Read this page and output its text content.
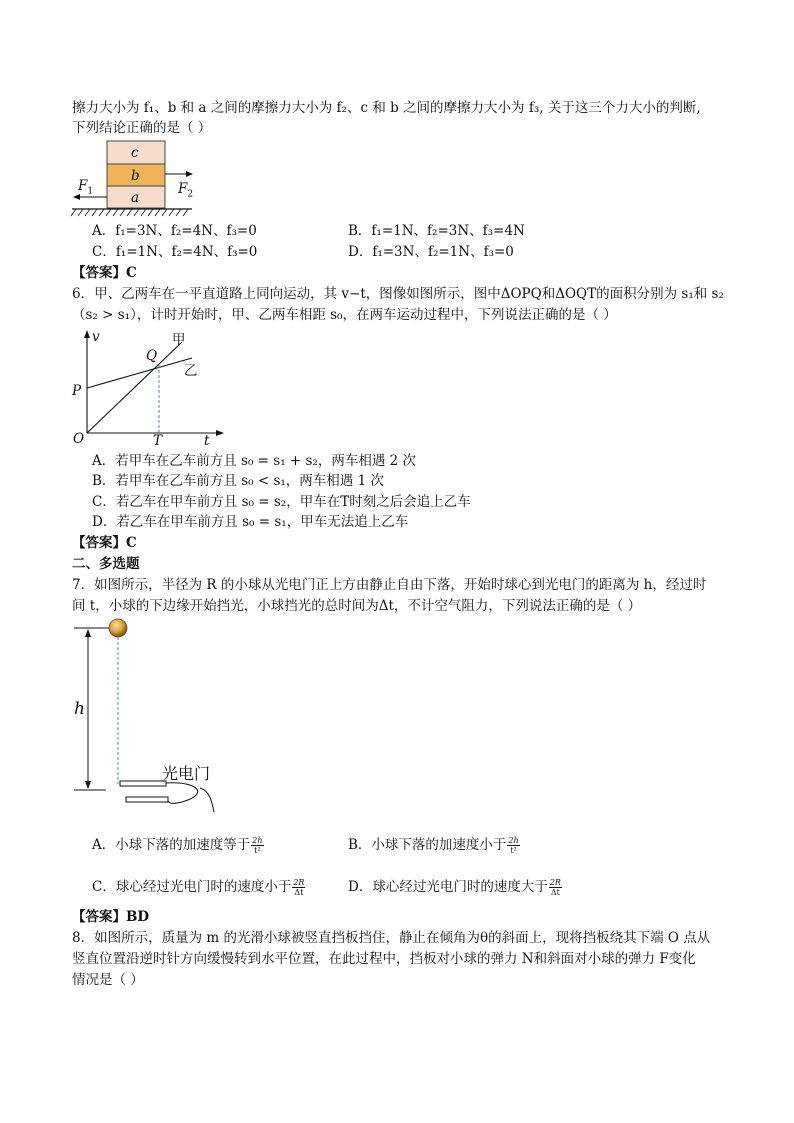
擦力大小为 f₁、b 和 a 之间的摩擦力大小为 f₂、c 和 b 之间的摩擦力大小为 f₃, 关于这三个力大小的判断,
下列结论正确的是（ ）
c
b
a
$F_1$	$F_2$
A．f₁=3N、f₂=4N、f₃=0	B．f₁=1N、f₂=3N、f₃=4N
C．f₁=1N、f₂=4N、f₃=0	D．f₁=3N、f₂=1N、f₃=0
【答案】C
6．甲、乙两车在一平直道路上同向运动，其 v−t，图像如图所示，图中ΔOPQ和ΔOQT的面积分别为 s₁和 s₂
（s₂ > s₁），计时开始时，甲、乙两车相距 s₀，在两车运动过程中，下列说法正确的是（ ）
v
t
O
P
Q
T
甲
乙
A．若甲车在乙车前方且 s₀ = s₁ + s₂，两车相遇 2 次
B．若甲车在乙车前方且 s₀ < s₁，两车相遇 1 次
C．若乙车在甲车前方且 s₀ = s₂，甲车在T时刻之后会追上乙车
D．若乙车在甲车前方且 s₀ = s₁，甲车无法追上乙车
【答案】C
二、多选题
7．如图所示，半径为 R 的小球从光电门正上方由静止自由下落，开始时球心到光电门的距离为 h，经过时
间 t，小球的下边缘开始挡光，小球挡光的总时间为Δt，不计空气阻力，下列说法正确的是（ ）
h
光电门
A．小球下落的加速度等于 $\frac{2h}{\text{t²}}$	B．小球下落的加速度小于 $\frac{2h}{\text{t²}}$
C．球心经过光电门时的速度小于 $\frac{2R}{\Delta t}$	D．球心经过光电门时的速度大于 $\frac{2R}{\Delta t}$
【答案】BD
8．如图所示，质量为 m 的光滑小球被竖直挡板挡住，静止在倾角为θ的斜面上，现将挡板绕其下端 O 点从
竖直位置沿逆时针方向缓慢转到水平位置，在此过程中，挡板对小球的弹力 N和斜面对小球的弹力 F变化
情况是（ ）
